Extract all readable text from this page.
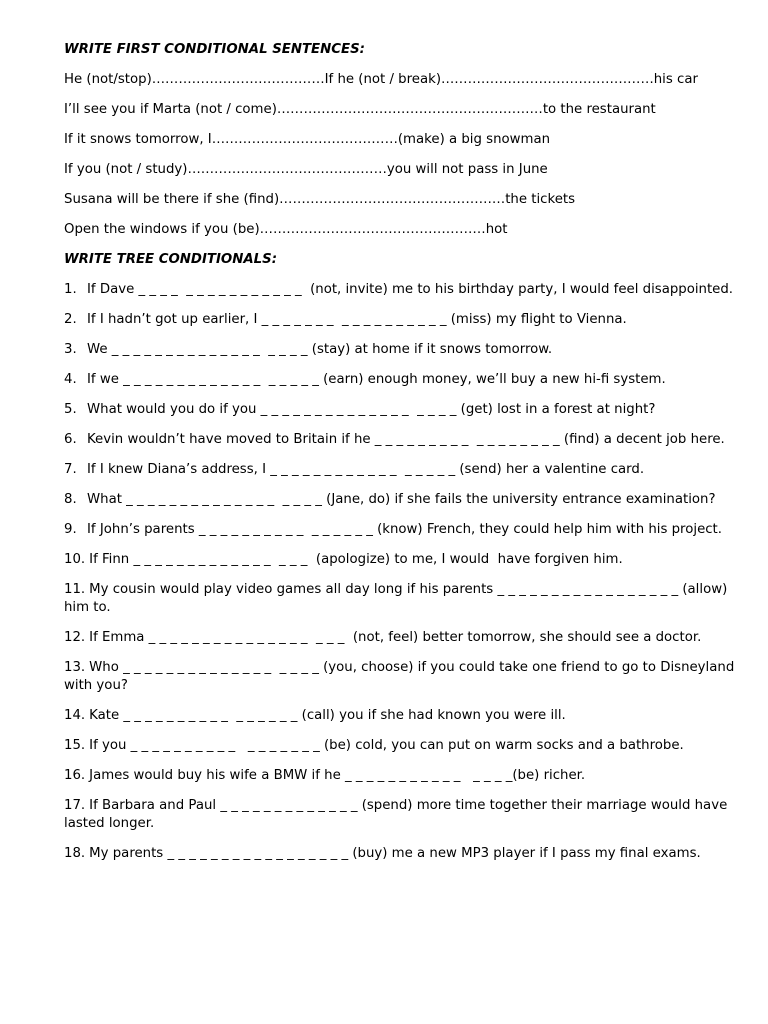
WRITE FIRST CONDITIONAL SENTENCES:
He (not/stop)…………………………………If he (not / break)…………………………………………his car
I’ll see you if Marta (not / come)……………………………………………………to the restaurant
If it snows tomorrow, I……………………………………(make) a big snowman
If you (not / study)………………………………………you will not pass in June
Susana will be there if she (find)……………………………………………the tickets
Open the windows if you (be)……………………………………………hot
WRITE TREE CONDITIONALS:
1. If Dave _ _ _ _  _ _ _ _ _ _ _ _ _ _ _  (not, invite) me to his birthday party, I would feel disappointed.
2. If I hadn’t got up earlier, I _ _ _ _ _ _ _  _ _ _ _ _ _ _ _ _ _ (miss) my flight to Vienna.
3. We _ _ _ _ _ _ _ _ _ _ _ _ _ _  _ _ _ _ (stay) at home if it snows tomorrow.
4. If we _ _ _ _ _ _ _ _ _ _ _ _ _  _ _ _ _ _ (earn) enough money, we’ll buy a new hi-fi system.
5. What would you do if you _ _ _ _ _ _ _ _ _ _ _ _ _ _  _ _ _ _ (get) lost in a forest at night?
6. Kevin wouldn’t have moved to Britain if he _ _ _ _ _ _ _ _ _  _ _ _ _ _ _ _ _ (find) a decent job here.
7. If I knew Diana’s address, I _ _ _ _ _ _ _ _ _ _ _ _  _ _ _ _ _ (send) her a valentine card.
8. What _ _ _ _ _ _ _ _ _ _ _ _ _ _  _ _ _ _ (Jane, do) if she fails the university entrance examination?
9. If John’s parents _ _ _ _ _ _ _ _ _ _  _ _ _ _ _ _ (know) French, they could help him with his project.
10. If Finn _ _ _ _ _ _ _ _ _ _ _ _ _  _ _ _  (apologize) to me, I would  have forgiven him.
11. My cousin would play video games all day long if his parents _ _ _ _ _ _ _ _ _ _ _ _ _ _ _ _ _ (allow) him to.
12. If Emma _ _ _ _ _ _ _ _ _ _ _ _ _ _ _  _ _ _  (not, feel) better tomorrow, she should see a doctor.
13. Who _ _ _ _ _ _ _ _ _ _ _ _ _ _  _ _ _ _ (you, choose) if you could take one friend to go to Disneyland with you?
14. Kate _ _ _ _ _ _ _ _ _ _  _ _ _ _ _ _ (call) you if she had known you were ill.
15. If you _ _ _ _ _ _ _ _ _ _   _ _ _ _ _ _ _ (be) cold, you can put on warm socks and a bathrobe.
16. James would buy his wife a BMW if he _ _ _ _ _ _ _ _ _ _ _   _ _ _ _(be) richer.
17. If Barbara and Paul _ _ _ _ _ _ _ _ _ _ _ _ _ (spend) more time together their marriage would have lasted longer.
18. My parents _ _ _ _ _ _ _ _ _ _ _ _ _ _ _ _ _ (buy) me a new MP3 player if I pass my final exams.
